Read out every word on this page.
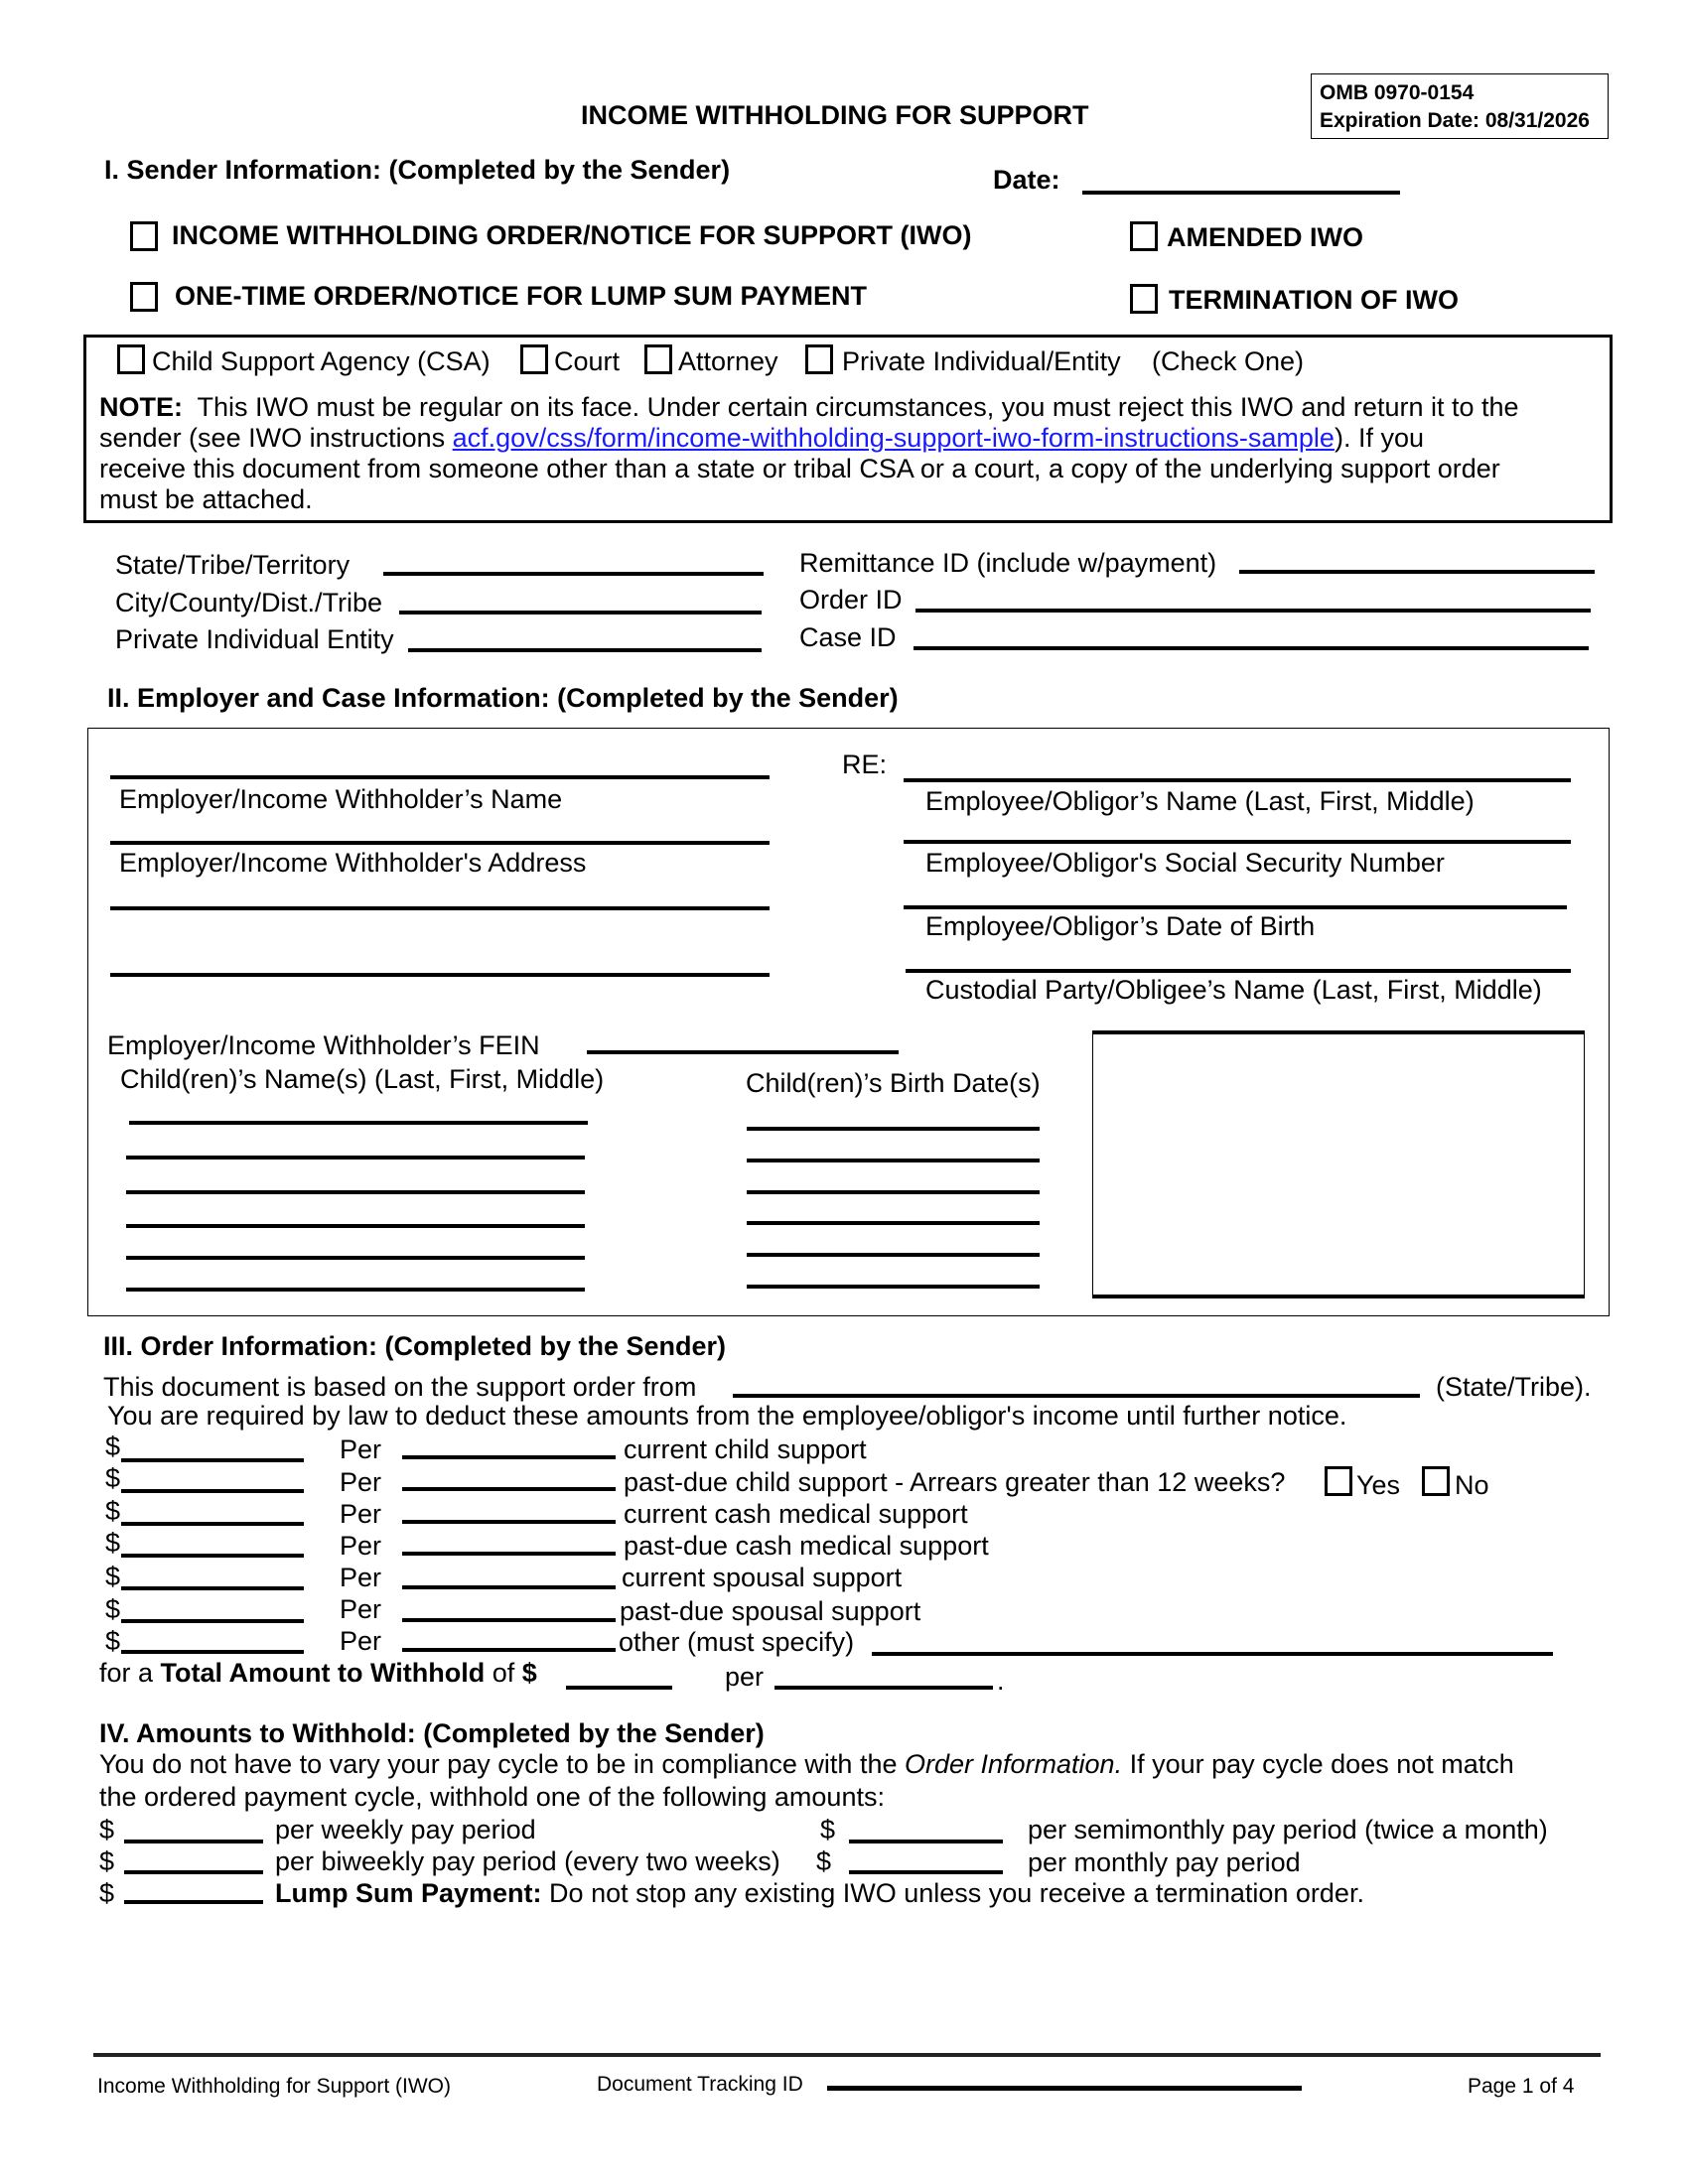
INCOME WITHHOLDING FOR SUPPORT
OMB 0970-0154
Expiration Date: 08/31/2026
I. Sender Information: (Completed by the Sender)	Date:
INCOME WITHHOLDING ORDER/NOTICE FOR SUPPORT (IWO)
ONE-TIME ORDER/NOTICE FOR LUMP SUM PAYMENT
AMENDED IWO
TERMINATION OF IWO
Child Support Agency (CSA) Court Attorney Private Individual/Entity (Check One)
NOTE: This IWO must be regular on its face. Under certain circumstances, you must reject this IWO and return it to the
sender (see IWO instructions acf.gov/css/form/income-withholding-support-iwo-form-instructions-sample). If you
receive this document from someone other than a state or tribal CSA or a court, a copy of the underlying support order
must be attached.
State/Tribe/Territory
City/County/Dist./Tribe
Private Individual Entity
Remittance ID (include w/payment)
Order ID
Case ID
II. Employer and Case Information: (Completed by the Sender)
Employer/Income Withholder’s Name
Employer/Income Withholder's Address
RE:
Employee/Obligor’s Name (Last, First, Middle)
Employee/Obligor's Social Security Number
Employee/Obligor’s Date of Birth
Custodial Party/Obligee’s Name (Last, First, Middle)
Employer/Income Withholder’s FEIN
Child(ren)’s Name(s) (Last, First, Middle)	Child(ren)’s Birth Date(s)
III. Order Information: (Completed by the Sender)
This document is based on the support order from	(State/Tribe).
You are required by law to deduct these amounts from the employee/obligor's income until further notice.
$	Per	current child support
$	Per	past-due child support - Arrears greater than 12 weeks?	Yes No
$	Per	current cash medical support
$	Per	past-due cash medical support
$	Per	current spousal support
$	Per	past-due spousal support
$	Per	other (must specify)
for a Total Amount to Withhold of $	per	.
IV. Amounts to Withhold: (Completed by the Sender)
You do not have to vary your pay cycle to be in compliance with the Order Information. If your pay cycle does not match
the ordered payment cycle, withhold one of the following amounts:
$	per weekly pay period	$	per semimonthly pay period (twice a month)
$	per biweekly pay period (every two weeks) $	per monthly pay period
$	Lump Sum Payment: Do not stop any existing IWO unless you receive a termination order.
Income Withholding for Support (IWO)	Document Tracking ID	Page 1 of 4
